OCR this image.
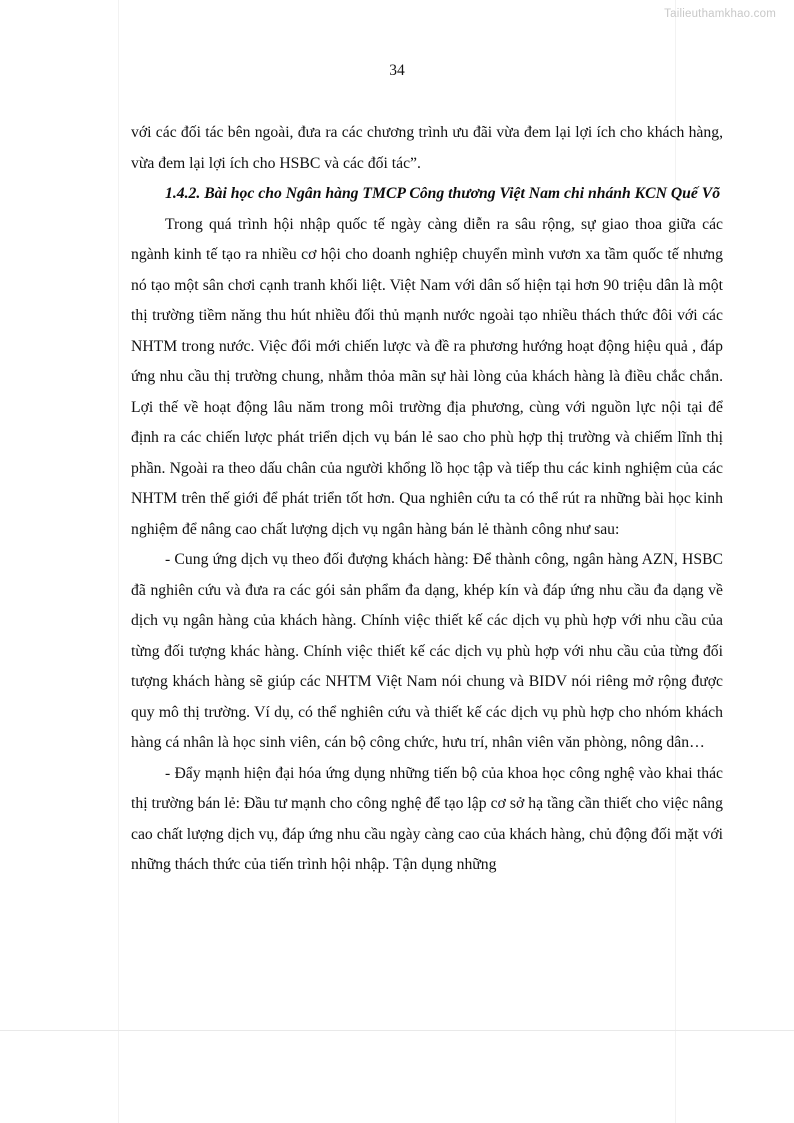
Tailieuthamkhao.com
34

với các đối tác bên ngoài, đưa ra các chương trình ưu đãi vừa đem lại lợi ích cho khách hàng, vừa đem lại lợi ích cho HSBC và các đối tác”.

1.4.2. Bài học cho Ngân hàng TMCP Công thương Việt Nam chi nhánh KCN Quế Võ

Trong quá trình hội nhập quốc tế ngày càng diễn ra sâu rộng, sự giao thoa giữa các ngành kinh tế tạo ra nhiều cơ hội cho doanh nghiệp chuyển mình vươn xa tầm quốc tế nhưng nó tạo một sân chơi cạnh tranh khối liệt. Việt Nam với dân số hiện tại hơn 90 triệu dân là một thị trường tiềm năng thu hút nhiều đối thủ mạnh nước ngoài tạo nhiều thách thức đôi với các NHTM trong nước. Việc đổi mới chiến lược và đề ra phương hướng hoạt động hiệu quả , đáp ứng nhu cầu thị trường chung, nhằm thỏa mãn sự hài lòng của khách hàng là điều chắc chắn. Lợi thế về hoạt động lâu năm trong môi trường địa phương, cùng với nguồn lực nội tại để định ra các chiến lược phát triển dịch vụ bán lẻ sao cho phù hợp thị trường và chiếm lĩnh thị phần. Ngoài ra theo dấu chân của người khổng lồ học tập và tiếp thu các kinh nghiệm của các NHTM trên thế giới để phát triển tốt hơn. Qua nghiên cứu ta có thể rút ra những bài học kinh nghiệm để nâng cao chất lượng dịch vụ ngân hàng bán lẻ thành công như sau:

- Cung ứng dịch vụ theo đối đượng khách hàng: Để thành công, ngân hàng AZN, HSBC đã nghiên cứu và đưa ra các gói sản phẩm đa dạng, khép kín và đáp ứng nhu cầu đa dạng về dịch vụ ngân hàng của khách hàng. Chính việc thiết kế các dịch vụ phù hợp với nhu cầu của từng đối tượng khác hàng. Chính việc thiết kế các dịch vụ phù hợp với nhu cầu của từng đối tượng khách hàng sẽ giúp các NHTM Việt Nam nói chung và BIDV nói riêng mở rộng được quy mô thị trường. Ví dụ, có thể nghiên cứu và thiết kế các dịch vụ phù hợp cho nhóm khách hàng cá nhân là học sinh viên, cán bộ công chức, hưu trí, nhân viên văn phòng, nông dân…

- Đẩy mạnh hiện đại hóa ứng dụng những tiến bộ của khoa học công nghệ vào khai thác thị trường bán lẻ: Đầu tư mạnh cho công nghệ để tạo lập cơ sở hạ tầng cần thiết cho việc nâng cao chất lượng dịch vụ, đáp ứng nhu cầu ngày càng cao của khách hàng, chủ động đối mặt với những thách thức của tiến trình hội nhập. Tận dụng những
